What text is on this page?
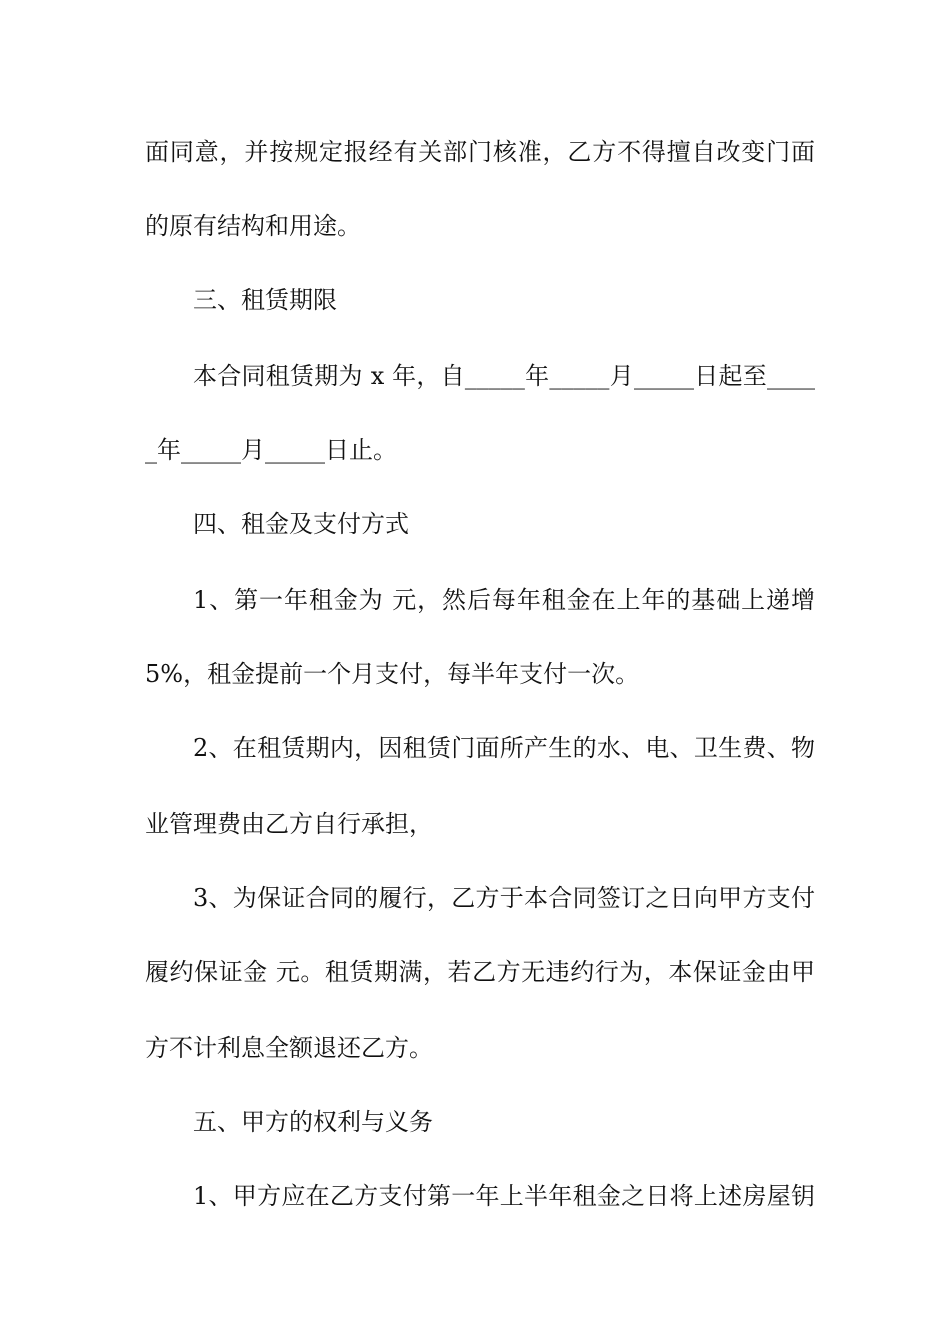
面同意，并按规定报经有关部门核准，乙方不得擅自改变门面
的原有结构和用途。
三、租赁期限
本合同租赁期为 x 年，自_____年_____月_____日起至____
_年_____月_____日止。
四、租金及支付方式
1、第一年租金为 元，然后每年租金在上年的基础上递增
5%，租金提前一个月支付，每半年支付一次。
2、在租赁期内，因租赁门面所产生的水、电、卫生费、物
业管理费由乙方自行承担，
3、为保证合同的履行，乙方于本合同签订之日向甲方支付
履约保证金 元。租赁期满，若乙方无违约行为，本保证金由甲
方不计利息全额退还乙方。
五、甲方的权利与义务
1、甲方应在乙方支付第一年上半年租金之日将上述房屋钥
